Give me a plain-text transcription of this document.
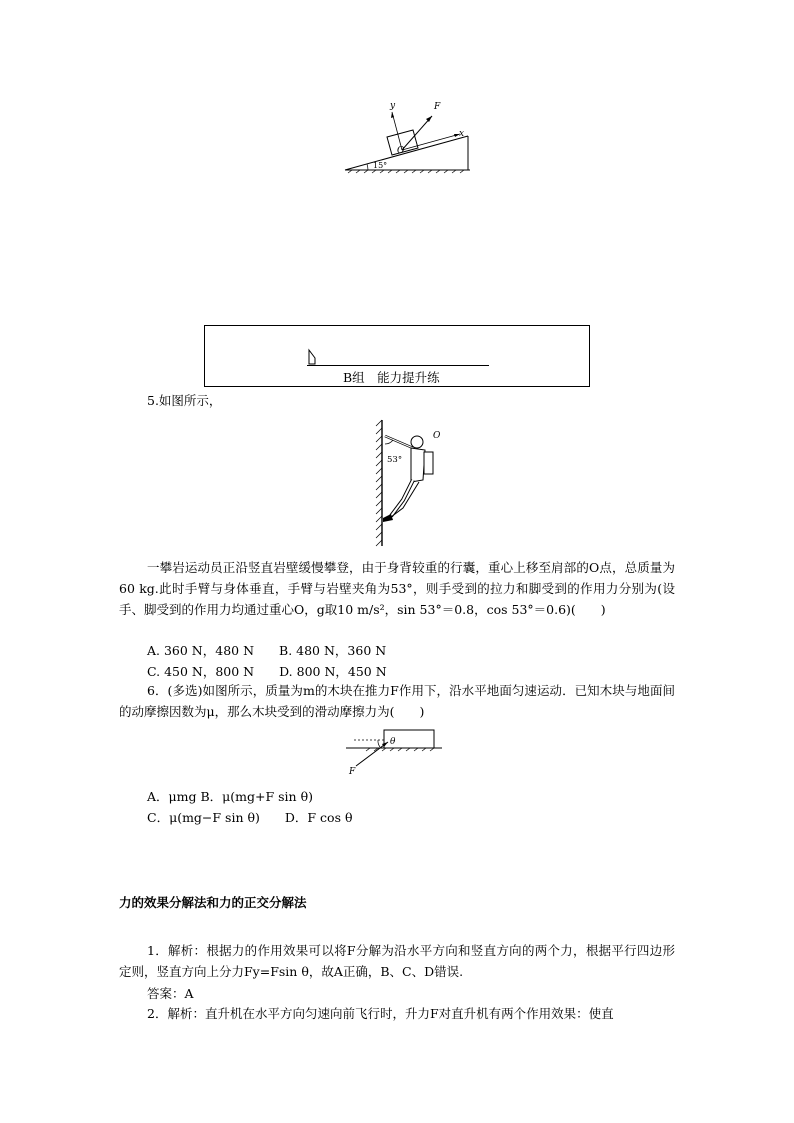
y	F
x
O
15°
B组　能力提升练
5.如图所示，
53°
O
一攀岩运动员正沿竖直岩壁缓慢攀登，由于身背较重的行囊，重心上移至肩部的O点，总质量为60 kg.此时手臂与身体垂直，手臂与岩壁夹角为53°，则手受到的拉力和脚受到的作用力分别为(设手、脚受到的作用力均通过重心O，g取10 m/s²，sin 53°＝0.8，cos 53°＝0.6)(　　)
A. 360 N，480 N　　B. 480 N，360 N
C. 450 N，800 N　　D. 800 N，450 N
6．(多选)如图所示，质量为m的木块在推力F作用下，沿水平地面匀速运动．已知木块与地面间的动摩擦因数为μ，那么木块受到的滑动摩擦力为(　　)
θ
F
A．μmg B．μ(mg+F sin θ)
C．μ(mg−F sin θ)　　D．F cos θ
力的效果分解法和力的正交分解法
1．解析：根据力的作用效果可以将F分解为沿水平方向和竖直方向的两个力，根据平行四边形定则，竖直方向上分力Fy=Fsin θ，故A正确，B、C、D错误.
答案：A
2．解析：直升机在水平方向匀速向前飞行时，升力F对直升机有两个作用效果：使直
